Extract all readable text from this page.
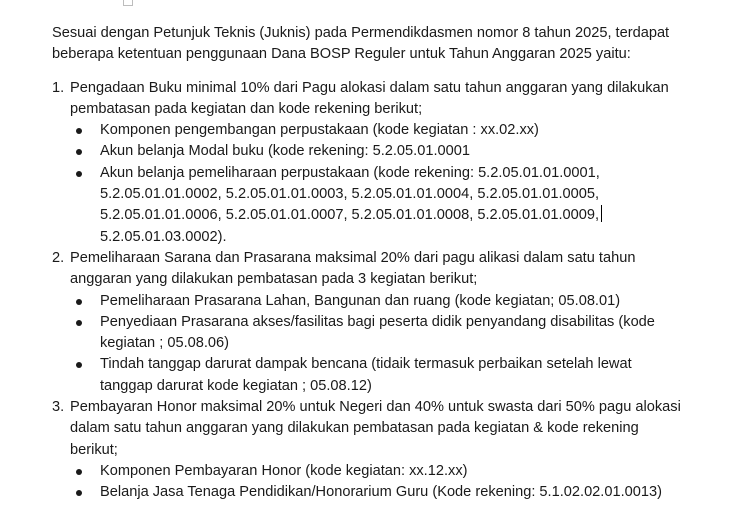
Sesuai dengan Petunjuk Teknis (Juknis) pada Permendikdasmen nomor 8 tahun 2025, terdapat
beberapa ketentuan penggunaan Dana BOSP Reguler untuk Tahun Anggaran 2025 yaitu:
1. Pengadaan Buku minimal 10% dari Pagu alokasi dalam satu tahun anggaran yang dilakukan
pembatasan pada kegiatan dan kode rekening berikut;
Komponen pengembangan perpustakaan (kode kegiatan : xx.02.xx)
Akun belanja Modal buku (kode rekening: 5.2.05.01.0001
Akun belanja pemeliharaan perpustakaan (kode rekening: 5.2.05.01.01.0001,
5.2.05.01.01.0002, 5.2.05.01.01.0003, 5.2.05.01.01.0004, 5.2.05.01.01.0005,
5.2.05.01.01.0006, 5.2.05.01.01.0007, 5.2.05.01.01.0008, 5.2.05.01.01.0009,
5.2.05.01.03.0002).
2. Pemeliharaan Sarana dan Prasarana maksimal 20% dari pagu alikasi dalam satu tahun
anggaran yang dilakukan pembatasan pada 3 kegiatan berikut;
Pemeliharaan Prasarana Lahan, Bangunan dan ruang (kode kegiatan; 05.08.01)
Penyediaan Prasarana akses/fasilitas bagi peserta didik penyandang disabilitas (kode
kegiatan ; 05.08.06)
Tindah tanggap darurat dampak bencana (tidaik termasuk perbaikan setelah lewat
tanggap darurat kode kegiatan ; 05.08.12)
3. Pembayaran Honor maksimal 20% untuk Negeri dan 40% untuk swasta dari 50% pagu alokasi
dalam satu tahun anggaran yang dilakukan pembatasan pada kegiatan & kode rekening
berikut;
Komponen Pembayaran Honor (kode kegiatan: xx.12.xx)
Belanja Jasa Tenaga Pendidikan/Honorarium Guru (Kode rekening: 5.1.02.02.01.0013)
